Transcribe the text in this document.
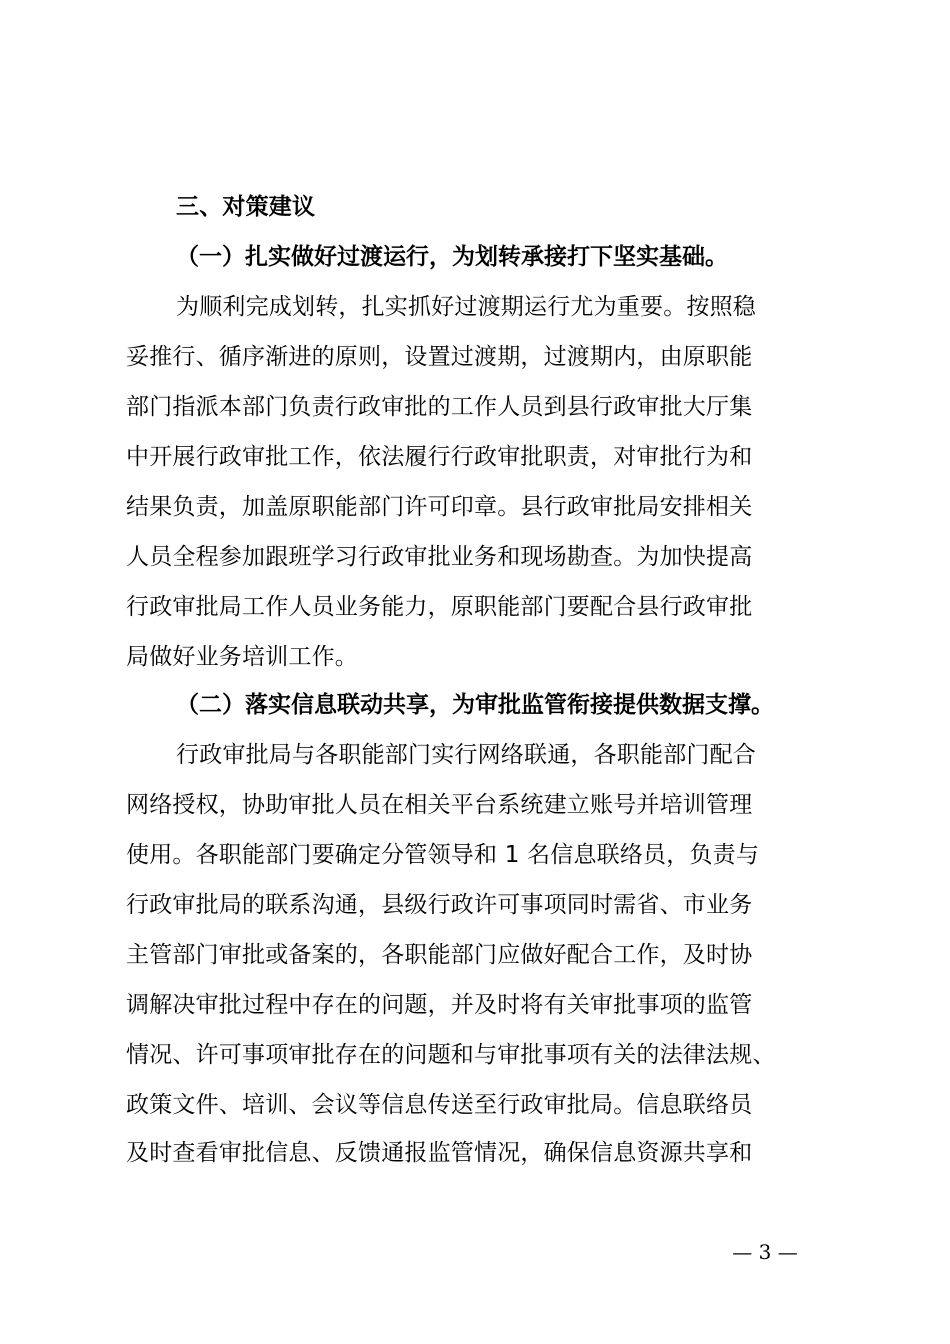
三、对策建议
（一）扎实做好过渡运行，为划转承接打下坚实基础。
为顺利完成划转，扎实抓好过渡期运行尤为重要。按照稳
妥推行、循序渐进的原则，设置过渡期，过渡期内，由原职能
部门指派本部门负责行政审批的工作人员到县行政审批大厅集
中开展行政审批工作，依法履行行政审批职责，对审批行为和
结果负责，加盖原职能部门许可印章。县行政审批局安排相关
人员全程参加跟班学习行政审批业务和现场勘查。为加快提高
行政审批局工作人员业务能力，原职能部门要配合县行政审批
局做好业务培训工作。
（二）落实信息联动共享，为审批监管衔接提供数据支撑。
行政审批局与各职能部门实行网络联通，各职能部门配合
网络授权，协助审批人员在相关平台系统建立账号并培训管理
使用。各职能部门要确定分管领导和 1 名信息联络员，负责与
行政审批局的联系沟通，县级行政许可事项同时需省、市业务
主管部门审批或备案的，各职能部门应做好配合工作，及时协
调解决审批过程中存在的问题，并及时将有关审批事项的监管
情况、许可事项审批存在的问题和与审批事项有关的法律法规、
政策文件、培训、会议等信息传送至行政审批局。信息联络员
及时查看审批信息、反馈通报监管情况，确保信息资源共享和
— 3 —
